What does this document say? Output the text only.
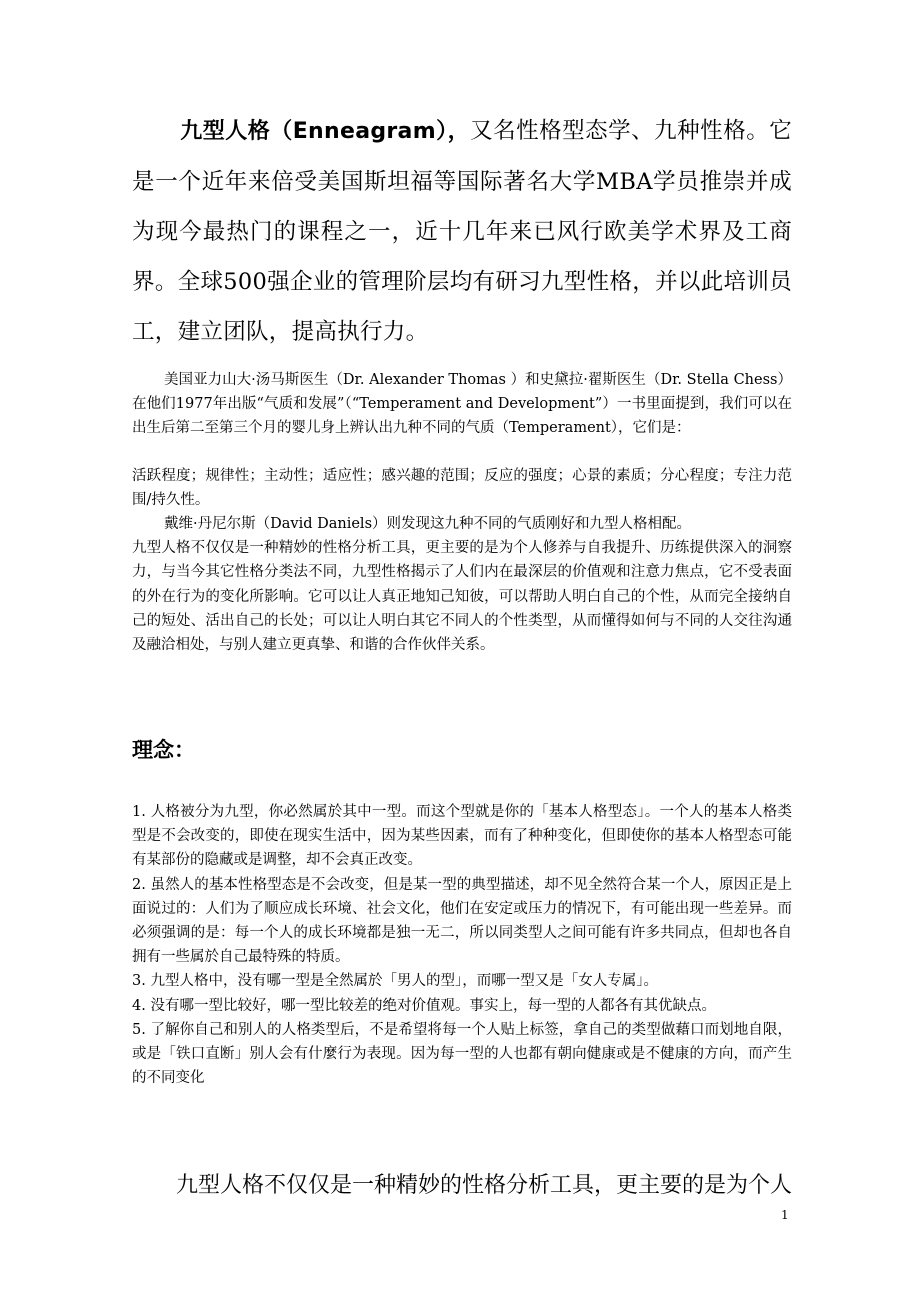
九型人格（Enneagram），又名性格型态学、九种性格。它是一个近年来倍受美国斯坦福等国际著名大学MBA学员推崇并成为现今最热门的课程之一，近十几年来已风行欧美学术界及工商界。全球500强企业的管理阶层均有研习九型性格，并以此培训员工，建立团队，提高执行力。

美国亚力山大·汤马斯医生（Dr. Alexander Thomas ）和史黛拉·翟斯医生（Dr. Stella Chess）在他们1977年出版“气质和发展”（“Temperament and Development”）一书里面提到，我们可以在出生后第二至第三个月的婴儿身上辨认出九种不同的气质（Temperament），它们是：

活跃程度；规律性；主动性；适应性；感兴趣的范围；反应的强度；心景的素质；分心程度；专注力范围/持久性。

戴维·丹尼尔斯（David Daniels）则发现这九种不同的气质刚好和九型人格相配。
九型人格不仅仅是一种精妙的性格分析工具，更主要的是为个人修养与自我提升、历练提供深入的洞察力，与当今其它性格分类法不同，九型性格揭示了人们内在最深层的价值观和注意力焦点，它不受表面的外在行为的变化所影响。它可以让人真正地知己知彼，可以帮助人明白自己的个性，从而完全接纳自己的短处、活出自己的长处；可以让人明白其它不同人的个性类型，从而懂得如何与不同的人交往沟通及融洽相处，与别人建立更真挚、和谐的合作伙伴关系。
理念：
1. 人格被分为九型，你必然属於其中一型。而这个型就是你的「基本人格型态」。一个人的基本人格类型是不会改变的，即使在现实生活中，因为某些因素，而有了种种变化，但即使你的基本人格型态可能有某部份的隐藏或是调整，却不会真正改变。
2. 虽然人的基本性格型态是不会改变，但是某一型的典型描述，却不见全然符合某一个人，原因正是上面说过的：人们为了顺应成长环境、社会文化，他们在安定或压力的情况下，有可能出现一些差异。而必须强调的是：每一个人的成长环境都是独一无二，所以同类型人之间可能有许多共同点，但却也各自拥有一些属於自己最特殊的特质。
3. 九型人格中，没有哪一型是全然属於「男人的型」，而哪一型又是「女人专属」。
4. 没有哪一型比较好，哪一型比较差的绝对价值观。事实上，每一型的人都各有其优缺点。
5. 了解你自己和别人的人格类型后，不是希望将每一个人贴上标签，拿自己的类型做藉口而划地自限，或是「铁口直断」别人会有什麼行为表现。因为每一型的人也都有朝向健康或是不健康的方向，而产生的不同变化

九型人格不仅仅是一种精妙的性格分析工具，更主要的是为个人

1
